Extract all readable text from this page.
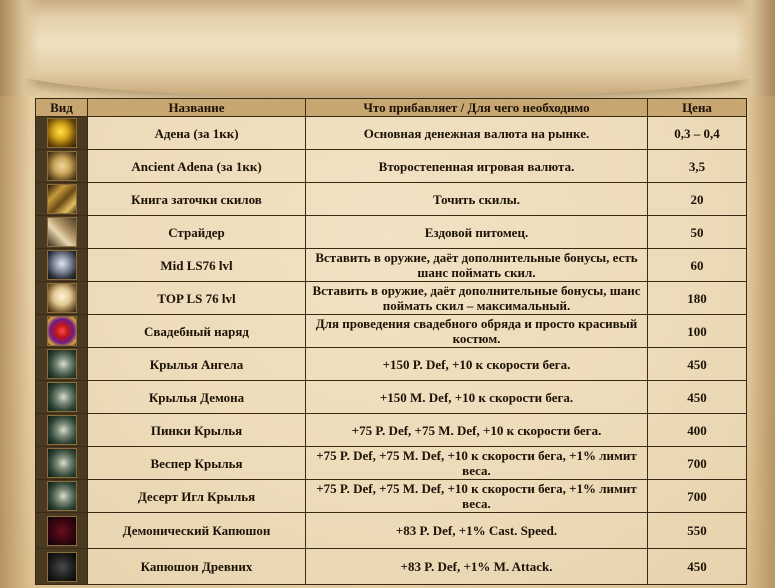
Вид	Название	Что прибавляет / Для чего необходимо	Цена

	Адена (за 1кк)	Основная денежная валюта на рынке.	0,3 – 0,4

	Ancient Adena (за 1кк)	Второстепенная игровая валюта.	3,5

	Книга заточки скилов	Точить скилы.	20

	Страйдер	Ездовой питомец.	50

	Mid LS76 lvl	Вставить в оружие, даёт дополнительные бонусы, есть шанс поймать скил.	60

	TOP LS 76 lvl	Вставить в оружие, даёт дополнительные бонусы, шанс поймать скил – максимальный.	180

	Свадебный наряд	Для проведения свадебного обряда и просто красивый костюм.	100

	Крылья Ангела	+150 P. Def, +10 к скорости бега.	450

	Крылья Демона	+150 M. Def, +10 к скорости бега.	450

	Пинки Крылья	+75 P. Def, +75 M. Def, +10 к скорости бега.	400

	Веспер Крылья	+75 P. Def, +75 M. Def, +10 к скорости бега, +1% лимит веса.	700

	Десерт Игл Крылья	+75 P. Def, +75 M. Def, +10 к скорости бега, +1% лимит веса.	700

	Демонический Капюшон	+83 P. Def, +1% Cast. Speed.	550

	Капюшон Древних	+83 P. Def, +1% M. Attack.	450
